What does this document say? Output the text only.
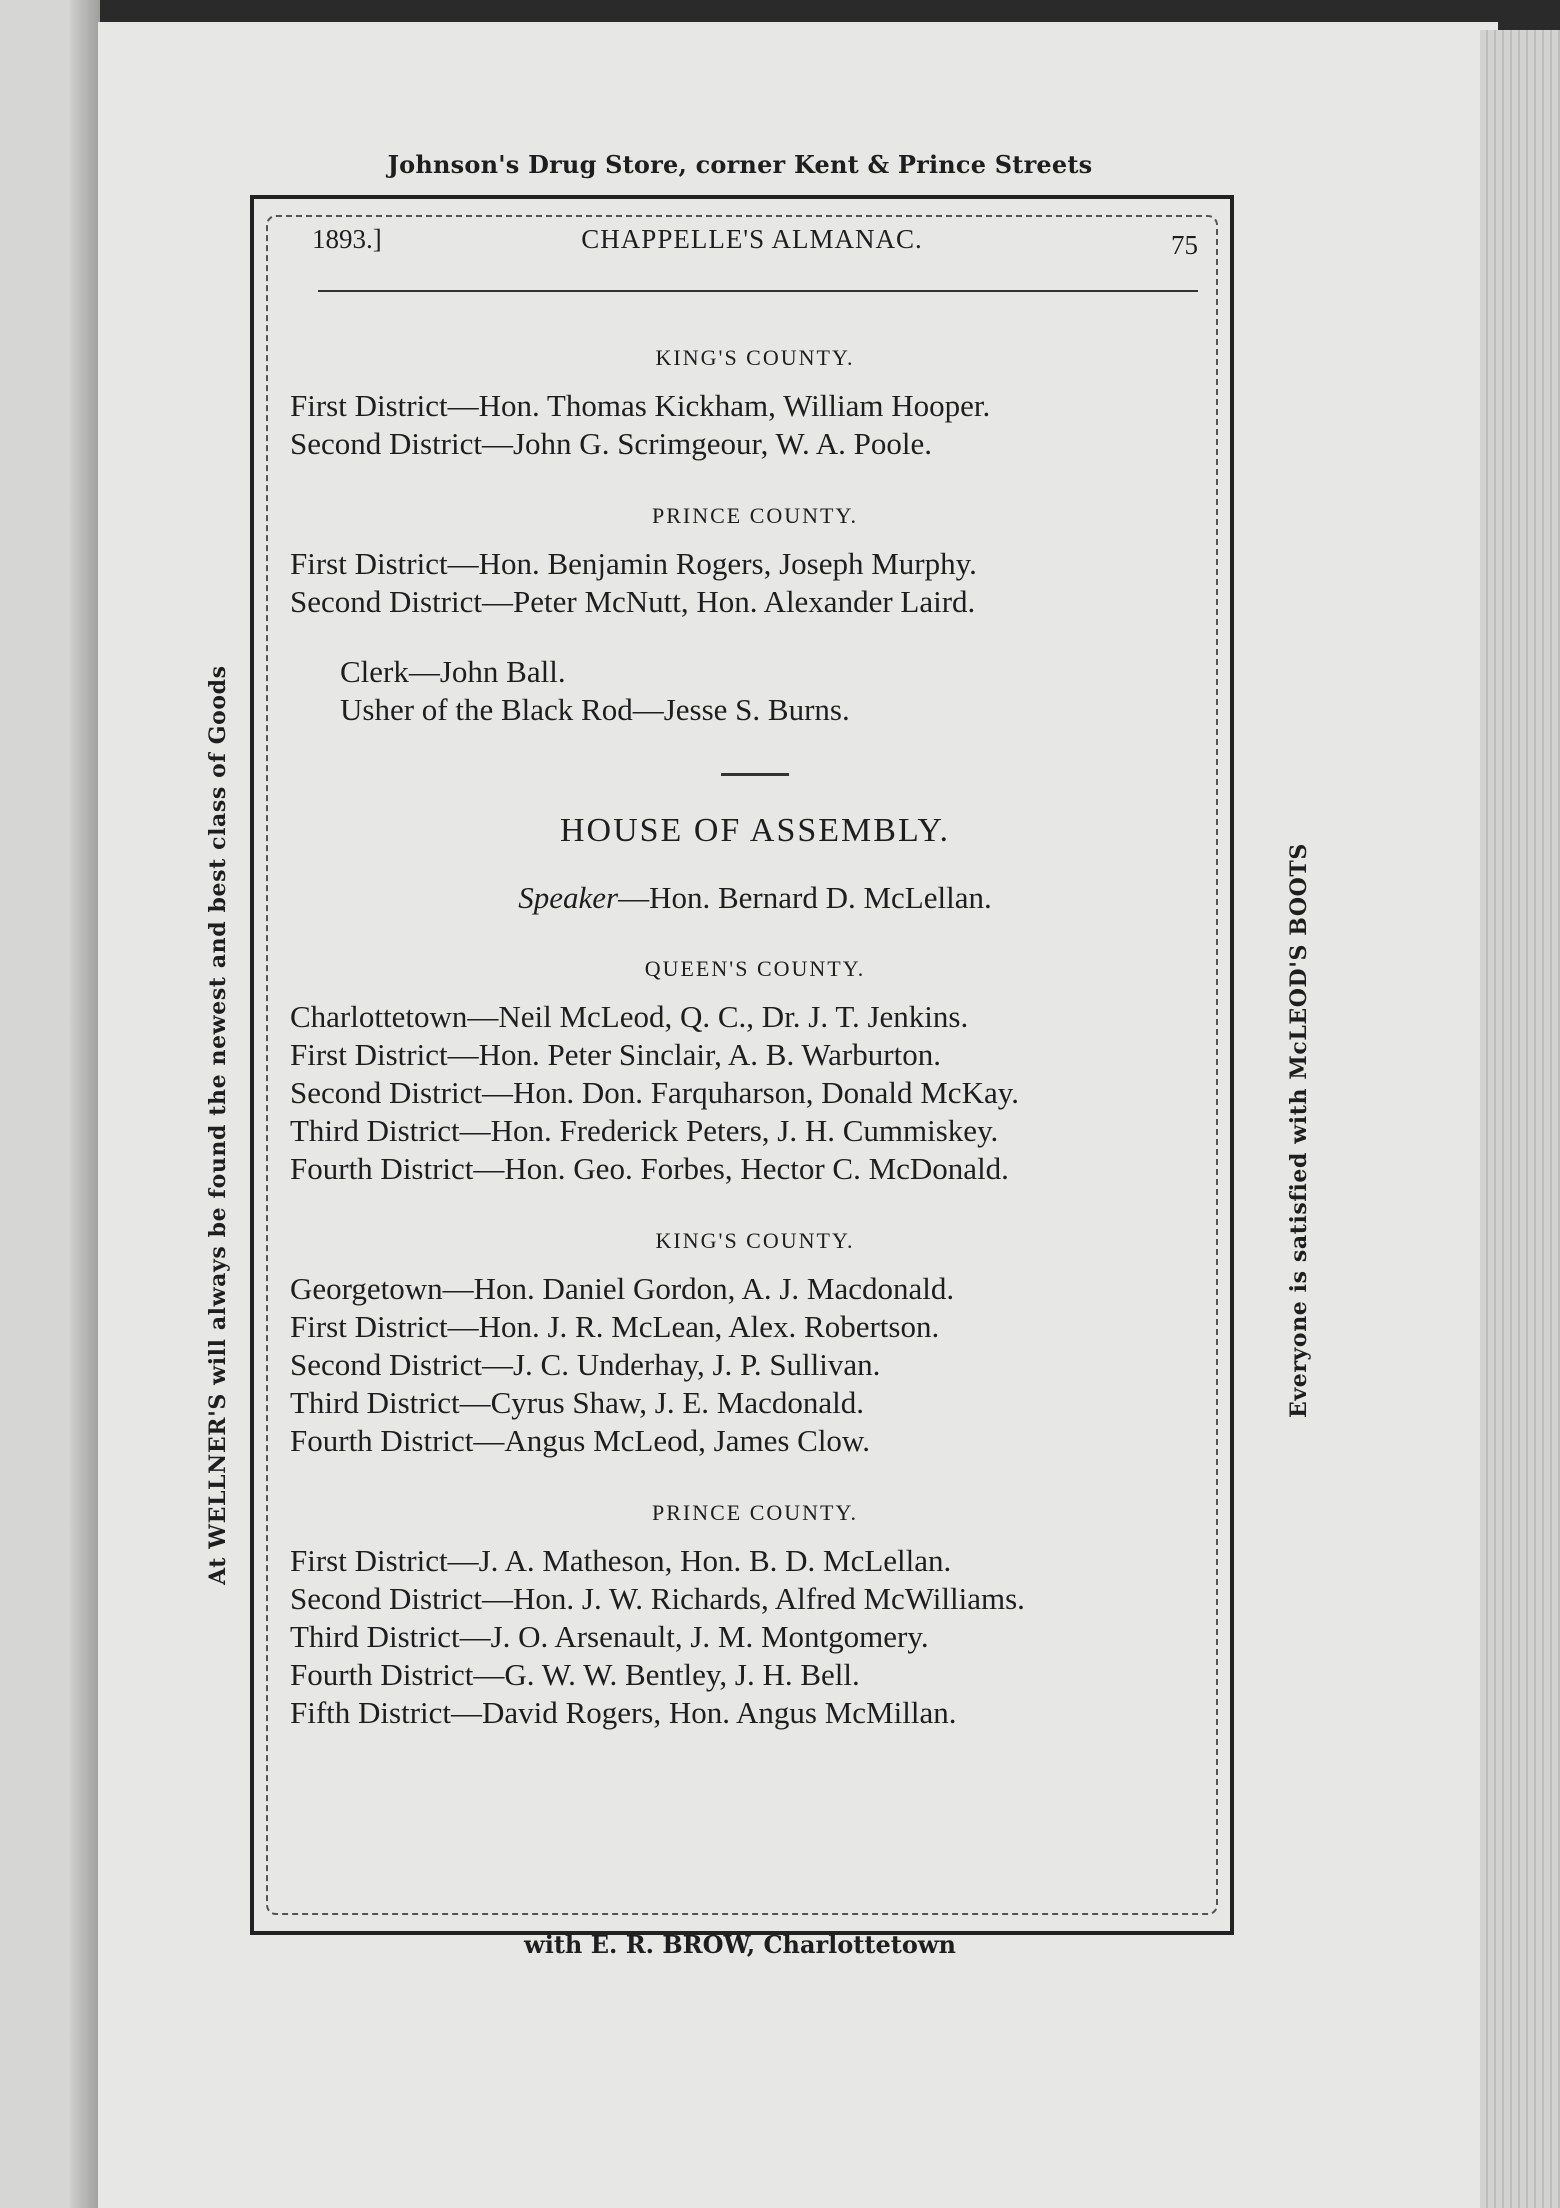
Johnson's Drug Store, corner Kent & Prince Streets
At WELLNER'S will always be found the newest and best class of Goods	Everyone is satisfied with McLEOD'S BOOTS
1893.]	CHAPPELLE'S ALMANAC.	75

KING'S COUNTY.

First District—Hon. Thomas Kickham, William Hooper.

Second District—John G. Scrimgeour, W. A. Poole.

PRINCE COUNTY.

First District—Hon. Benjamin Rogers, Joseph Murphy.

Second District—Peter McNutt, Hon. Alexander Laird.

Clerk—John Ball.

Usher of the Black Rod—Jesse S. Burns.

HOUSE OF ASSEMBLY.

Speaker—Hon. Bernard D. McLellan.

QUEEN'S COUNTY.

Charlottetown—Neil McLeod, Q. C., Dr. J. T. Jenkins.

First District—Hon. Peter Sinclair, A. B. Warburton.

Second District—Hon. Don. Farquharson, Donald McKay.

Third District—Hon. Frederick Peters, J. H. Cummiskey.

Fourth District—Hon. Geo. Forbes, Hector C. McDonald.

KING'S COUNTY.

Georgetown—Hon. Daniel Gordon, A. J. Macdonald.

First District—Hon. J. R. McLean, Alex. Robertson.

Second District—J. C. Underhay, J. P. Sullivan.

Third District—Cyrus Shaw, J. E. Macdonald.

Fourth District—Angus McLeod, James Clow.

PRINCE COUNTY.

First District—J. A. Matheson, Hon. B. D. McLellan.

Second District—Hon. J. W. Richards, Alfred McWilliams.

Third District—J. O. Arsenault, J. M. Montgomery.

Fourth District—G. W. W. Bentley, J. H. Bell.

Fifth District—David Rogers, Hon. Angus McMillan.

with E. R. BROW, Charlottetown
